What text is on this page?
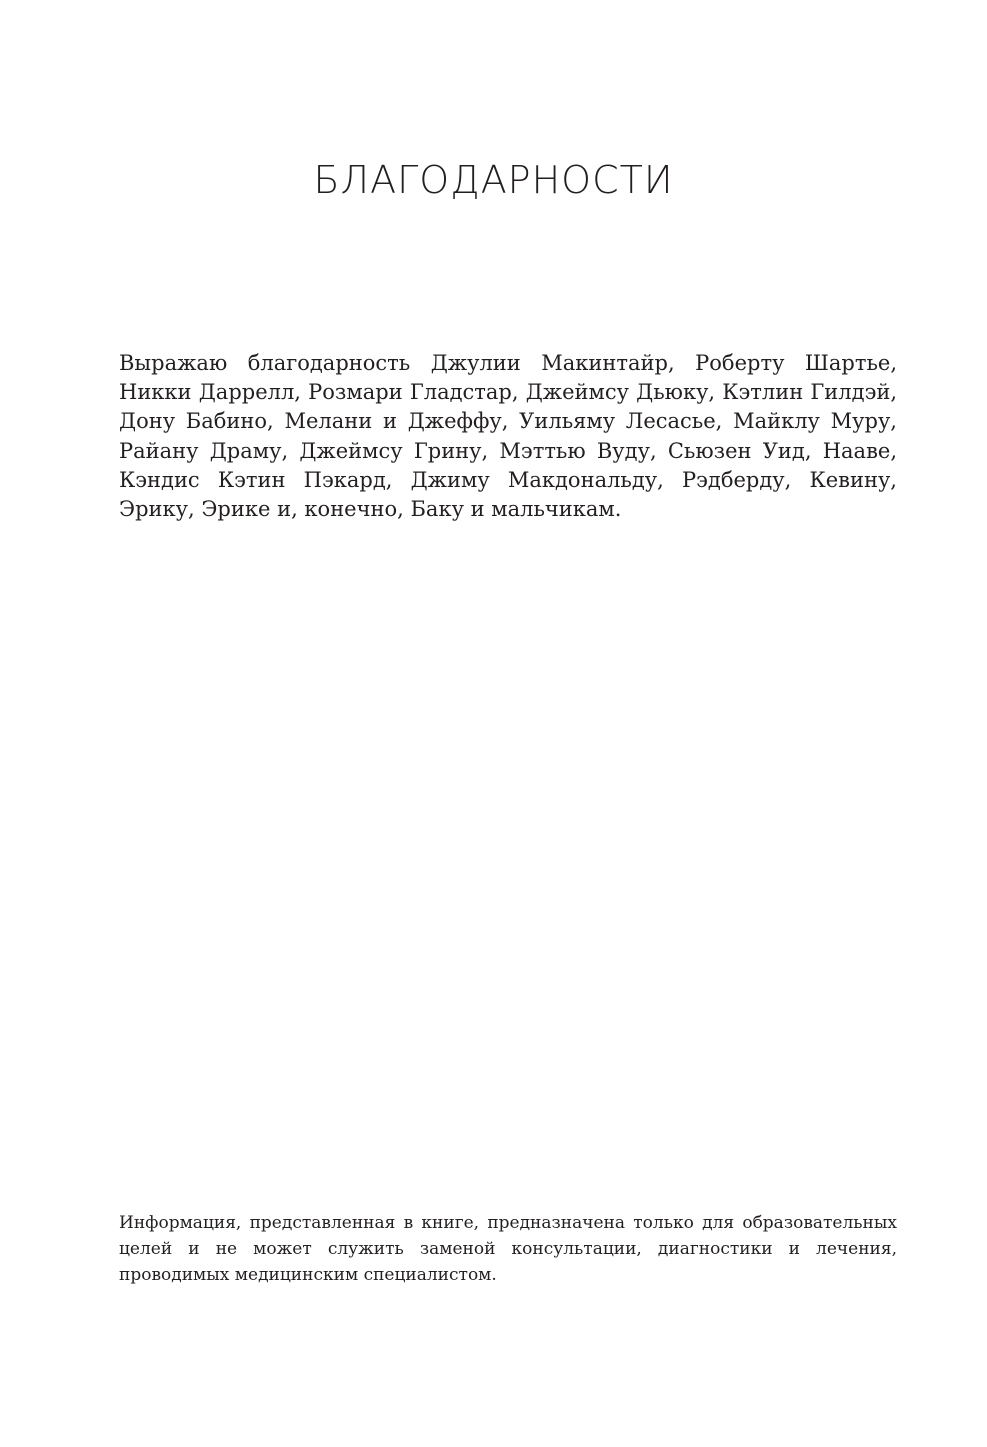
БЛАГОДАРНОСТИ

Выражаю благодарность Джулии Макинтайр, Роберту Шартье, Никки Даррелл, Розмари Гладстар, Джеймсу Дьюку, Кэтлин Гилдэй, Дону Бабино, Мелани и Джеффу, Уильяму Лесасье, Майклу Муру, Райану Драму, Джеймсу Грину, Мэттью Вуду, Сьюзен Уид, Нааве, Кэндис Кэтин Пэкард, Джиму Макдональду, Рэдберду, Кевину, Эрику, Эрике и, конечно, Баку и мальчикам.

Информация, представленная в книге, предназначена только для образовательных целей и не может служить заменой консультации, диагностики и лечения, проводимых медицинским специалистом.
